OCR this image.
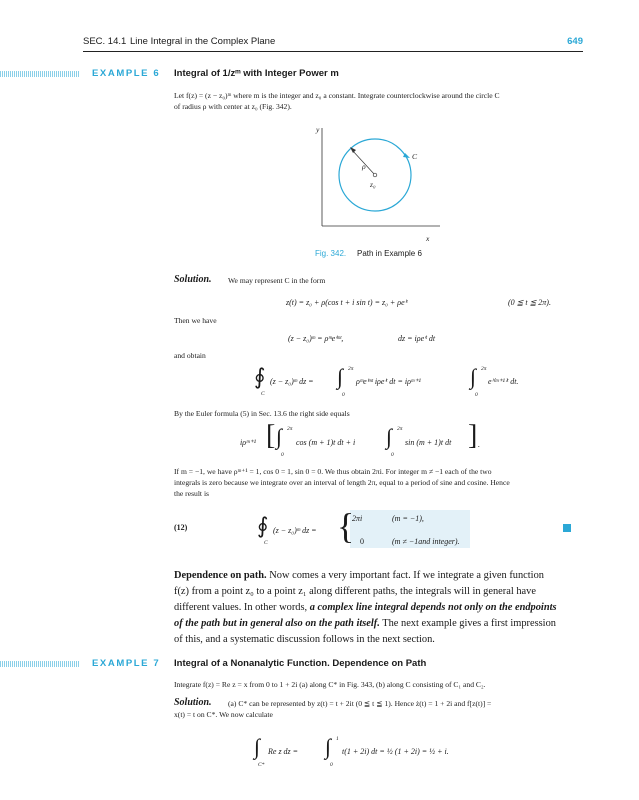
SEC. 14.1 Line Integral in the Complex Plane	649
EXAMPLE 6 Integral of 1/zᵐ with Integer Power m
Let f(z) = (z − z₀)ᵐ where m is the integer and z₀ a constant. Integrate counterclockwise around the circle C
of radius ρ with center at z₀ (Fig. 342).
y
x
C
ρ
z₀
Fig. 342. Path in Example 6
Solution. We may represent C in the form
z(t) = z₀ + ρ(cos t + i sin t) = z₀ + ρeⁱᵗ	(0 ≦ t ≦ 2π).
Then we have
(z − z₀)ᵐ = ρᵐeⁱᵐᵗ,	dz = iρeⁱᵗ dt
and obtain
∮
C
(z − z₀)ᵐ dz = ∫ 2π
0
ρᵐeⁱᵐᵗ iρeⁱᵗ dt = iρᵐ⁺¹ ∫ 2π
0
eⁱ⁽ᵐ⁺¹⁾ᵗ dt.
By the Euler formula (5) in Sec. 13.6 the right side equals
iρᵐ⁺¹ [ ∫ 2π
0
cos (m + 1)t dt + i ∫ 2π
0
sin (m + 1)t dt ] .
If m = −1, we have ρᵐ⁺¹ = 1, cos 0 = 1, sin 0 = 0. We thus obtain 2πi. For integer m ≠ −1 each of the two
integrals is zero because we integrate over an interval of length 2π, equal to a period of sine and cosine. Hence
the result is
(12)	∮
C
(z − z₀)ᵐ dz = {
2πi	(m = −1),
0	(m ≠ −1and integer).
Dependence on path. Now comes a very important fact. If we integrate a given function
f(z) from a point z₀ to a point z₁ along different paths, the integrals will in general have
different values. In other words, a complex line integral depends not only on the endpoints
of the path but in general also on the path itself. The next example gives a first impression
of this, and a systematic discussion follows in the next section.
EXAMPLE 7 Integral of a Nonanalytic Function. Dependence on Path
Integrate f(z) = Re z = x from 0 to 1 + 2i (a) along C* in Fig. 343, (b) along C consisting of C₁ and C₂.
Solution. (a) C* can be represented by z(t) = t + 2it (0 ≦ t ≦ 1). Hence ż(t) = 1 + 2i and f[z(t)] =
x(t) = t on C*. We now calculate
∫
C*
Re z dz = ∫ 1
0
t(1 + 2i) dt = ½ (1 + 2i) = ½ + i.
